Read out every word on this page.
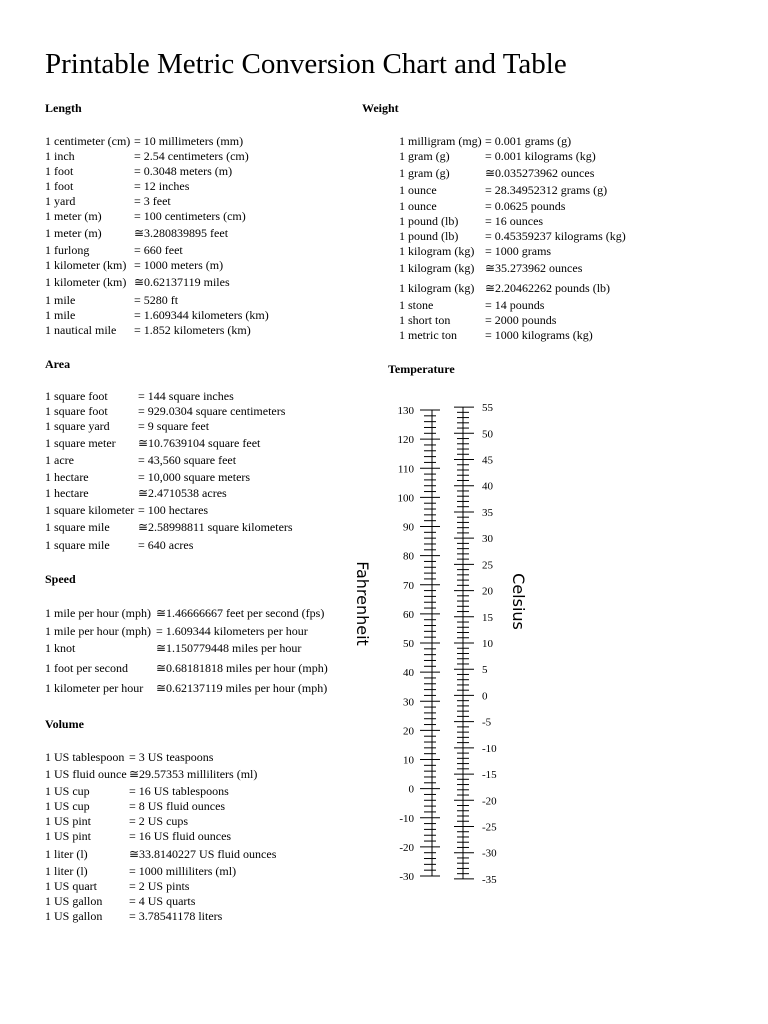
Printable Metric Conversion Chart and Table
Length
1 centimeter (cm) = 10 millimeters (mm)
1 inch	= 2.54 centimeters (cm)
1 foot	= 0.3048 meters (m)
1 foot	= 12 inches
1 yard	= 3 feet
1 meter (m)	= 100 centimeters (cm)
1 meter (m)	≅3.280839895 feet
1 furlong	= 660 feet
1 kilometer (km) = 1000 meters (m)
1 kilometer (km) ≅0.62137119 miles
1 mile	= 5280 ft
1 mile	= 1.609344 kilometers (km)
1 nautical mile = 1.852 kilometers (km)
Area
1 square foot	= 144 square inches
1 square foot	= 929.0304 square centimeters
1 square yard = 9 square feet
1 square meter ≅10.7639104 square feet
1 acre	= 43,560 square feet
1 hectare	= 10,000 square meters
1 hectare	≅2.4710538 acres
1 square kilometer = 100 hectares
1 square mile ≅2.58998811 square kilometers
1 square mile = 640 acres
Speed
1 mile per hour (mph) ≅1.46666667 feet per second (fps)
1 mile per hour (mph) = 1.609344 kilometers per hour
1 knot	≅1.150779448 miles per hour
1 foot per second ≅0.68181818 miles per hour (mph)
1 kilometer per hour ≅0.62137119 miles per hour (mph)
Volume
1 US tablespoon = 3 US teaspoons
1 US fluid ounce ≅29.57353 milliliters (ml)
1 US cup	= 16 US tablespoons
1 US cup	= 8 US fluid ounces
1 US pint	= 2 US cups
1 US pint	= 16 US fluid ounces
1 liter (l)	≅33.8140227 US fluid ounces
1 liter (l)	= 1000 milliliters (ml)
1 US quart	= 2 US pints
1 US gallon = 4 US quarts
1 US gallon = 3.78541178 liters
Weight
1 milligram (mg) = 0.001 grams (g)
1 gram (g)	= 0.001 kilograms (kg)
1 gram (g)	≅0.035273962 ounces
1 ounce	= 28.34952312 grams (g)
1 ounce	= 0.0625 pounds
1 pound (lb) = 16 ounces
1 pound (lb) = 0.45359237 kilograms (kg)
1 kilogram (kg) = 1000 grams
1 kilogram (kg) ≅35.273962 ounces
1 kilogram (kg) ≅2.20462262 pounds (lb)
1 stone	= 14 pounds
1 short ton	= 2000 pounds
1 metric ton = 1000 kilograms (kg)
Temperature
130
120
110
100
90
80
70
60
50
40
30
20
10
0
-10
-20
-30
55
50
45
40
35
30
25
20
15
10
5
0
-5
-10
-15
-20
-25
-30
-35
Fahrenheit	Celsius
